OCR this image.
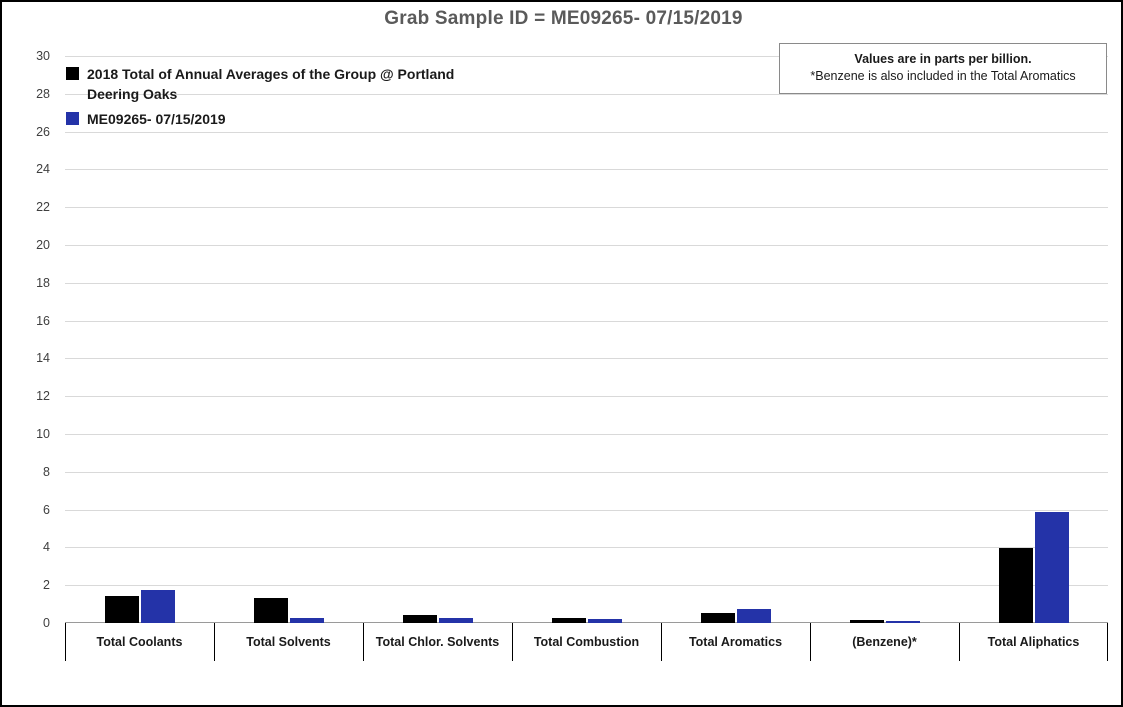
Grab Sample ID = ME09265- 07/15/2019
0
2
4
6
8
10
12
14
16
18
20
22
24
26
28
30
Total Coolants	Total Solvents	Total Chlor. Solvents	Total Combustion	Total Aromatics	(Benzene)*	Total Aliphatics
2018 Total of Annual Averages of the Group @ Portland Deering Oaks
ME09265- 07/15/2019
Values are in parts per billion.
*Benzene is also included in the Total Aromatics
